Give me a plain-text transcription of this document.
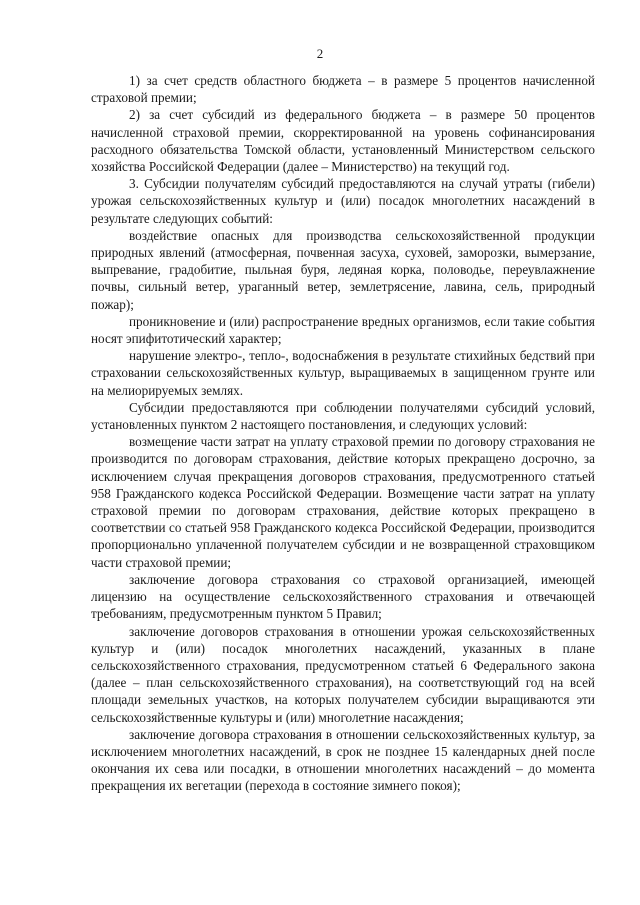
2

1) за счет средств областного бюджета – в размере 5 процентов начисленной страховой премии;

2) за счет субсидий из федерального бюджета – в размере 50 процентов начисленной страховой премии, скорректированной на уровень софинансирования расходного обязательства Томской области, установленный Министерством сельского хозяйства Российской Федерации (далее – Министерство) на текущий год.

3. Субсидии получателям субсидий предоставляются на случай утраты (гибели) урожая сельскохозяйственных культур и (или) посадок многолетних насаждений в результате следующих событий:

воздействие опасных для производства сельскохозяйственной продукции природных явлений (атмосферная, почвенная засуха, суховей, заморозки, вымерзание, выпревание, градобитие, пыльная буря, ледяная корка, половодье, переувлажнение почвы, сильный ветер, ураганный ветер, землетрясение, лавина, сель, природный пожар);

проникновение и (или) распространение вредных организмов, если такие события носят эпифитотический характер;

нарушение электро-, тепло-, водоснабжения в результате стихийных бедствий при страховании сельскохозяйственных культур, выращиваемых в защищенном грунте или на мелиорируемых землях.

Субсидии предоставляются при соблюдении получателями субсидий условий, установленных пунктом 2 настоящего постановления, и следующих условий:

возмещение части затрат на уплату страховой премии по договору страхования не производится по договорам страхования, действие которых прекращено досрочно, за исключением случая прекращения договоров страхования, предусмотренного статьей 958 Гражданского кодекса Российской Федерации. Возмещение части затрат на уплату страховой премии по договорам страхования, действие которых прекращено в соответствии со статьей 958 Гражданского кодекса Российской Федерации, производится пропорционально уплаченной получателем субсидии и не возвращенной страховщиком части страховой премии;

заключение договора страхования со страховой организацией, имеющей лицензию на осуществление сельскохозяйственного страхования и отвечающей требованиям, предусмотренным пунктом 5 Правил;

заключение договоров страхования в отношении урожая сельскохозяйственных культур и (или) посадок многолетних насаждений, указанных в плане сельскохозяйственного страхования, предусмотренном статьей 6 Федерального закона (далее – план сельскохозяйственного страхования), на соответствующий год на всей площади земельных участков, на которых получателем субсидии выращиваются эти сельскохозяйственные культуры и (или) многолетние насаждения;

заключение договора страхования в отношении сельскохозяйственных культур, за исключением многолетних насаждений, в срок не позднее 15 календарных дней после окончания их сева или посадки, в отношении многолетних насаждений – до момента прекращения их вегетации (перехода в состояние зимнего покоя);
